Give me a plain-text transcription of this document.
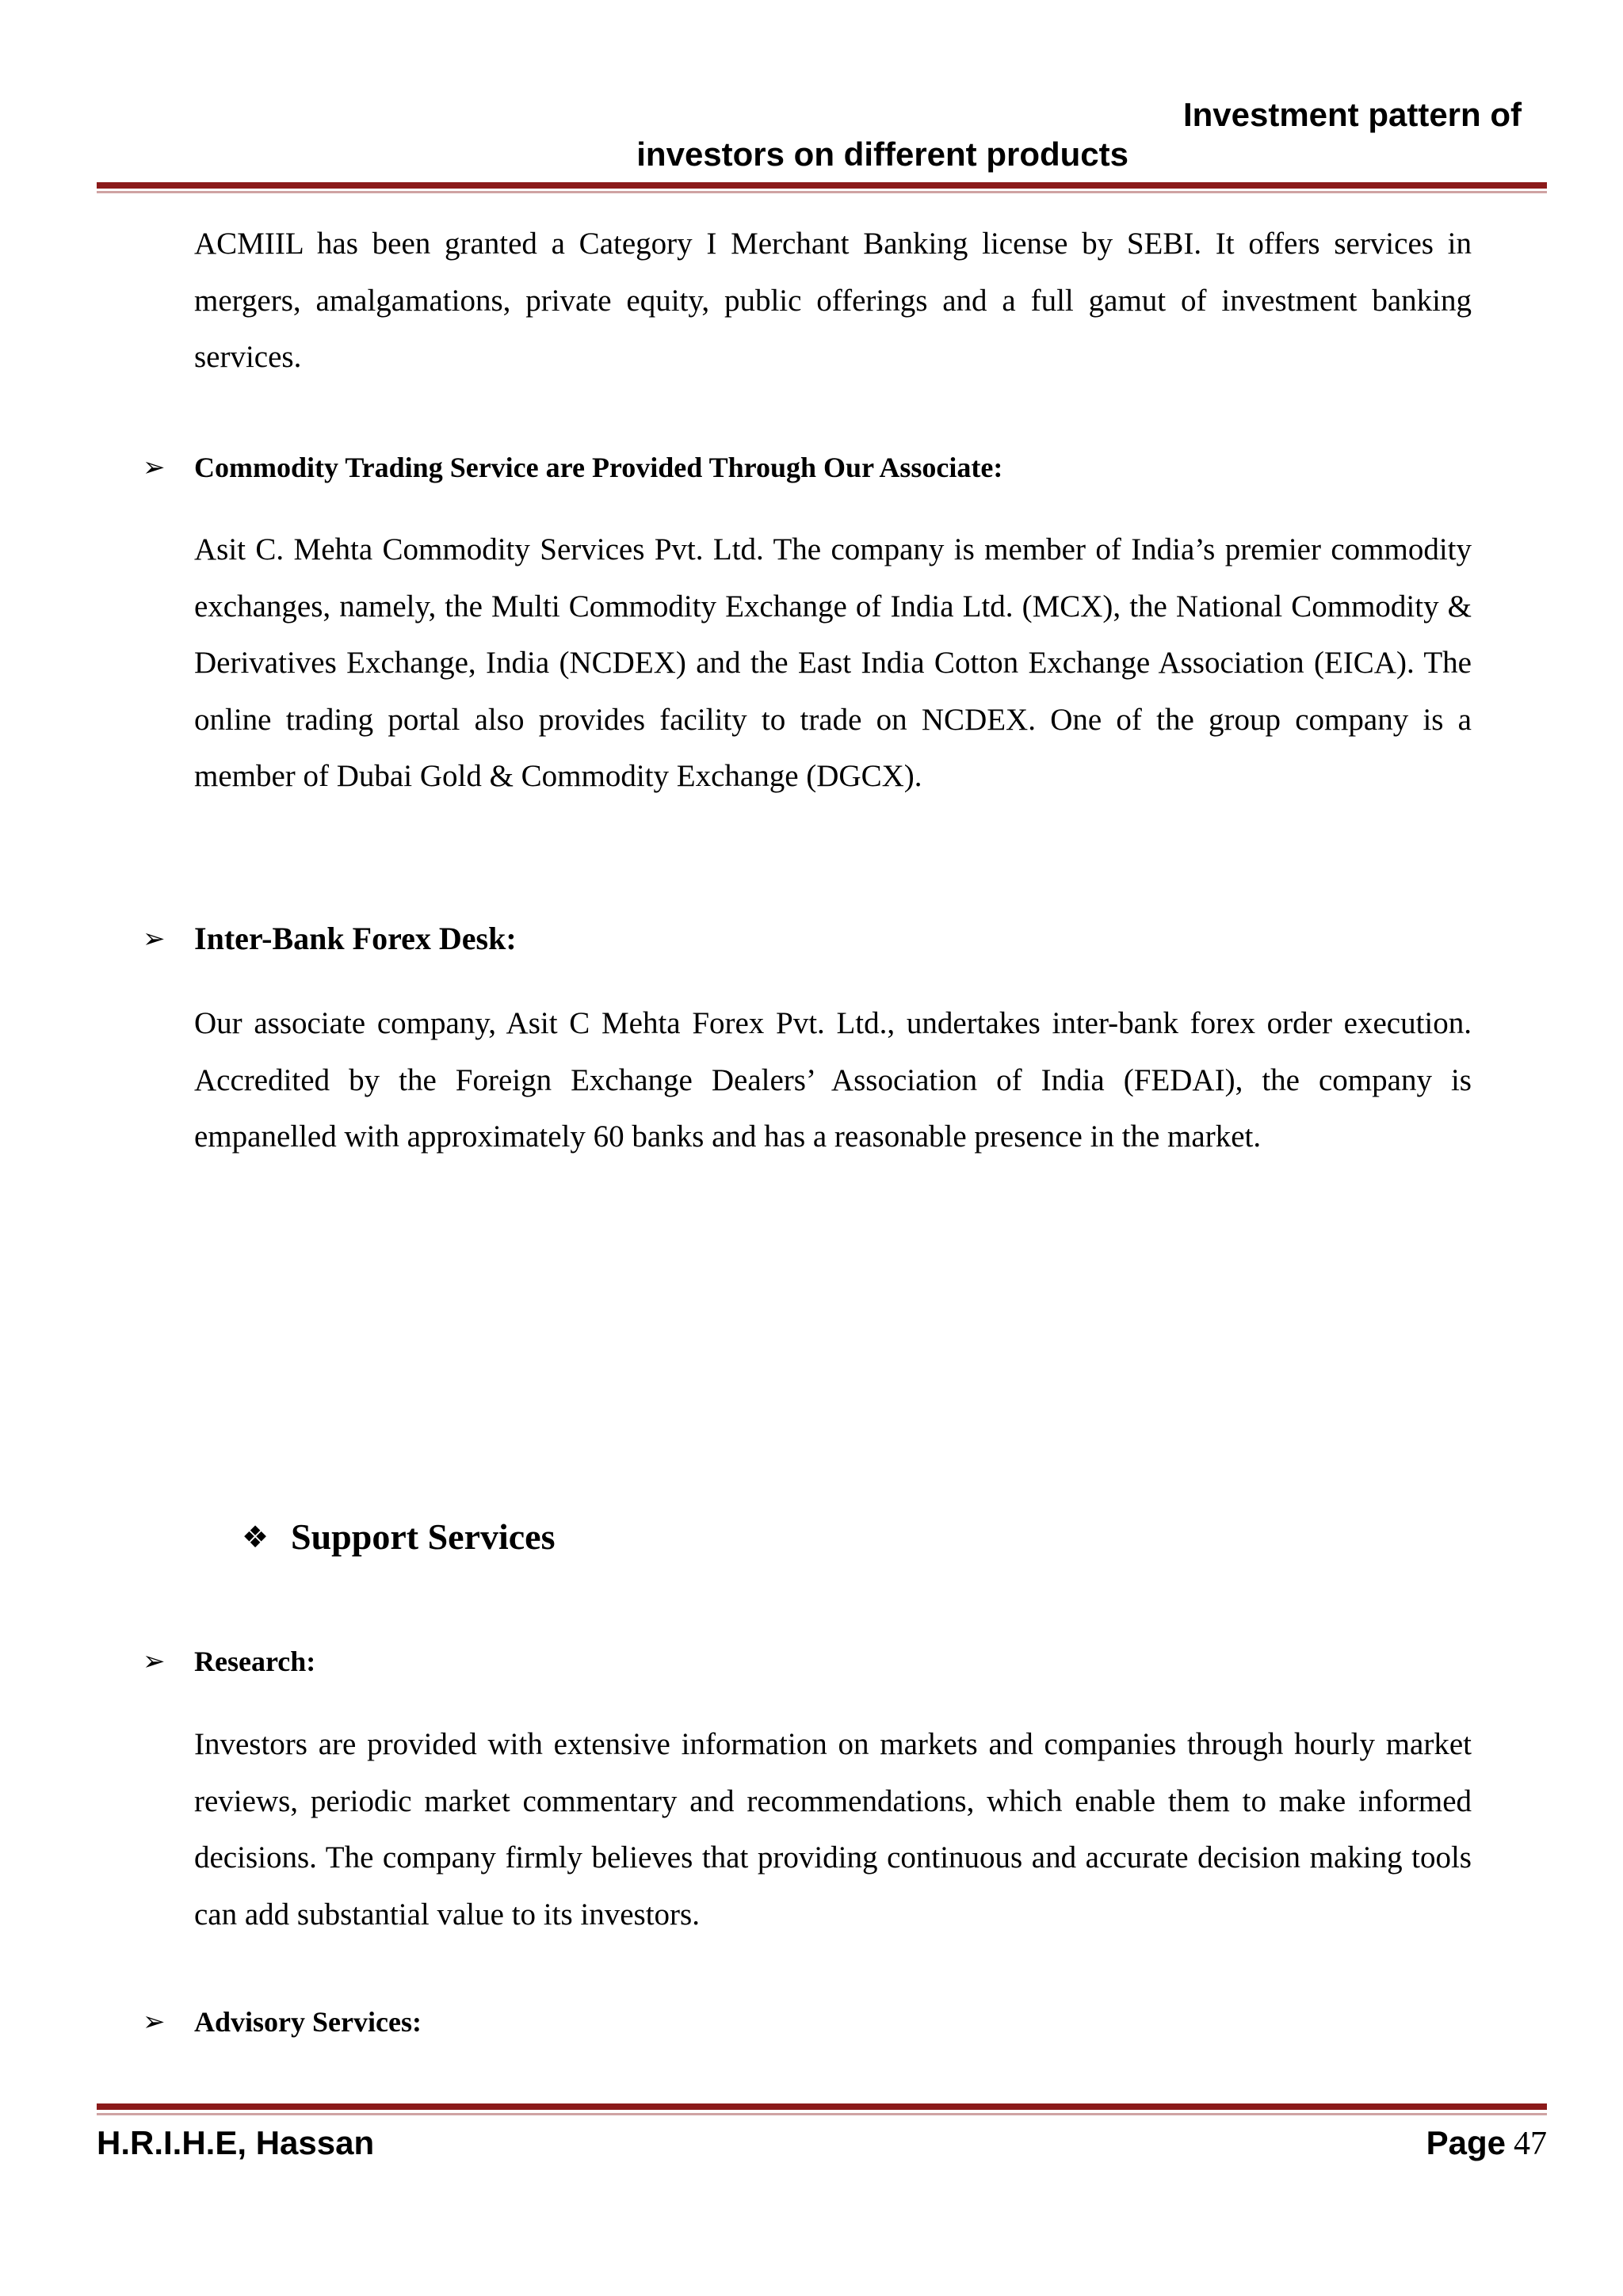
Investment pattern of
investors on different products

ACMIIL has been granted a Category I Merchant Banking license by SEBI. It offers services in mergers, amalgamations, private equity, public offerings and a full gamut of investment banking services.

➢	Commodity Trading Service are Provided Through Our Associate:

Asit C. Mehta Commodity Services Pvt. Ltd. The company is member of India’s premier commodity exchanges, namely, the Multi Commodity Exchange of India Ltd. (MCX), the National Commodity & Derivatives Exchange, India (NCDEX) and the East India Cotton Exchange Association (EICA). The online trading portal also provides facility to trade on NCDEX. One of the group company is a member of Dubai Gold & Commodity Exchange (DGCX).

➢ Inter-Bank Forex Desk:

Our associate company, Asit C Mehta Forex Pvt. Ltd., undertakes inter-bank forex order execution. Accredited by the Foreign Exchange Dealers’ Association of India (FEDAI), the company is empanelled with approximately 60 banks and has a reasonable presence in the market.

❖ Support Services
➢	Research:

Investors are provided with extensive information on markets and companies through hourly market reviews, periodic market commentary and recommendations, which enable them to make informed decisions. The company firmly believes that providing continuous and accurate decision making tools can add substantial value to its investors.

➢	Advisory Services:
H.R.I.H.E, Hassan	Page 47
